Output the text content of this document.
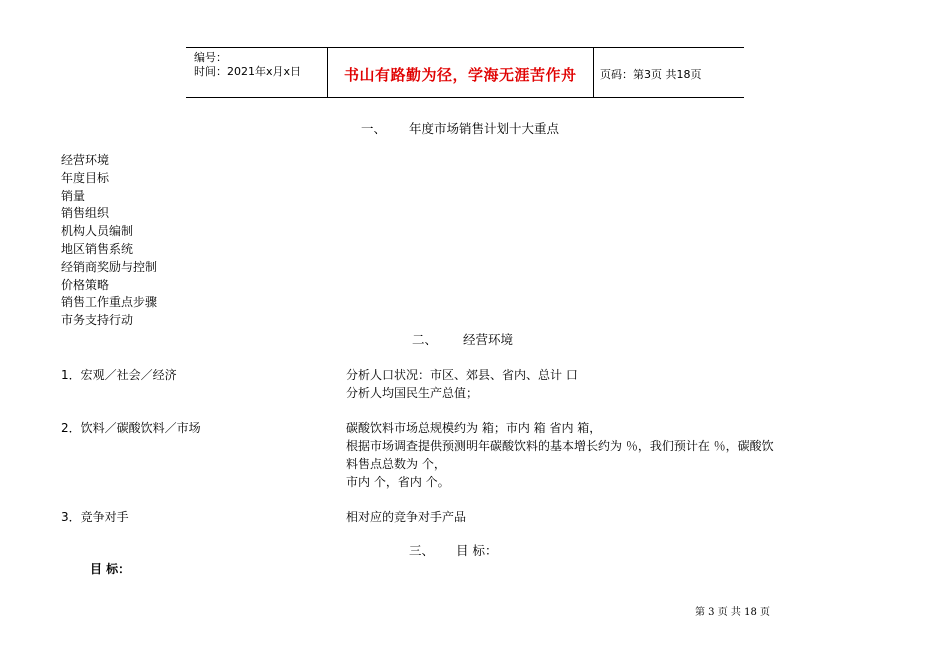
编号：
时间：2021年x月x日	书山有路勤为径，学海无涯苦作舟 页码：第3页 共18页
一、 年度市场销售计划十大重点
经营环境
年度目标
销量
销售组织
机构人员编制
地区销售系统
经销商奖励与控制
价格策略
销售工作重点步骤
市务支持行动
二、 经营环境
1．宏观／社会／经济	分析人口状况：市区、郊县、省内、总计 口
分析人均国民生产总值；
2．饮料／碳酸饮料／市场	碳酸饮料市场总规模约为 箱；市内 箱 省内 箱，
根据市场调查提供预测明年碳酸饮料的基本增长约为 ％，我们预计在 ％，碳酸饮
料售点总数为 个，
市内 个，省内 个。
3．竞争对手	相对应的竞争对手产品
三、 目 标：
目 标：
第 3 页 共 18 页
